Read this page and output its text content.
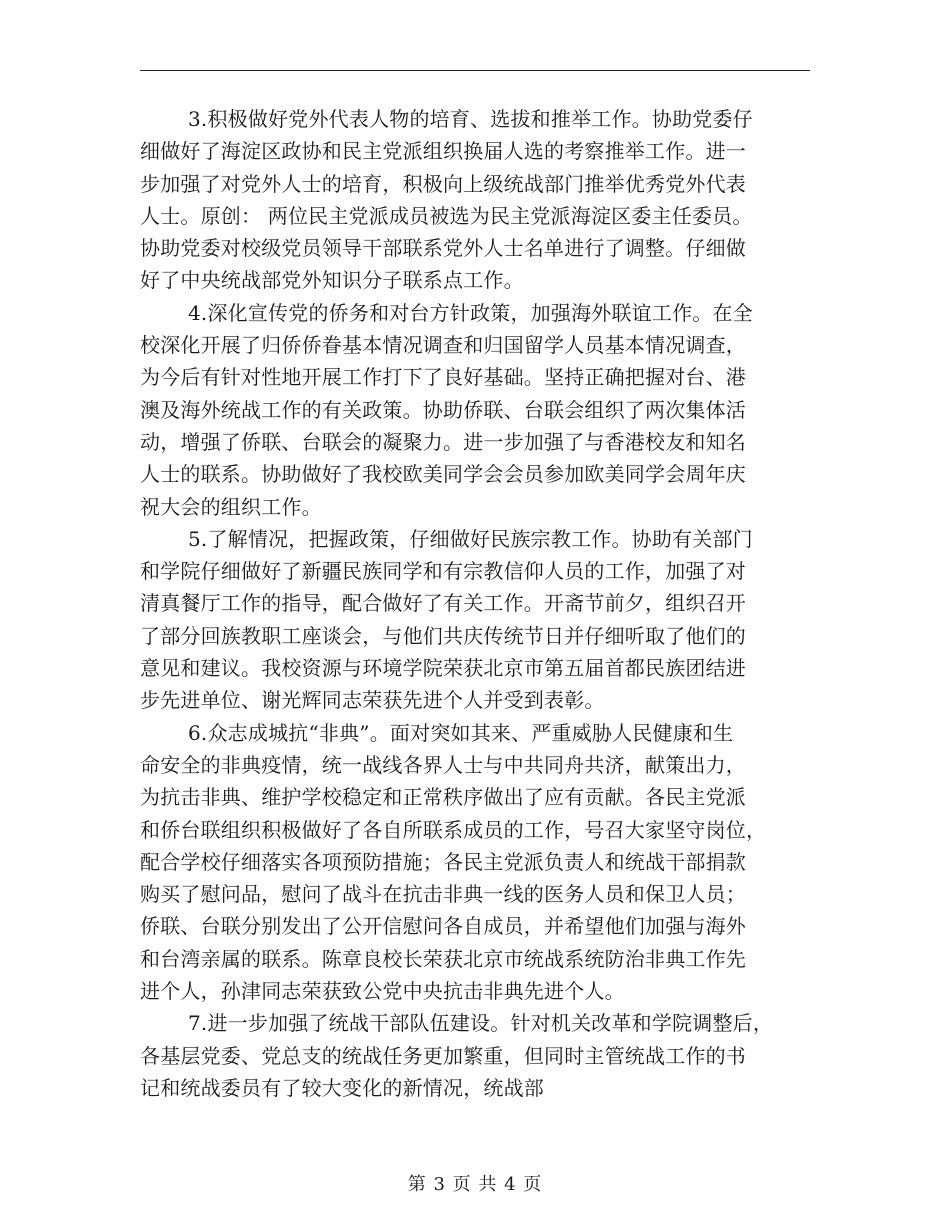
3.积极做好党外代表人物的培育、选拔和推举工作。协助党委仔
细做好了海淀区政协和民主党派组织换届人选的考察推举工作。进一
步加强了对党外人士的培育，积极向上级统战部门推举优秀党外代表
人士。原创： 两位民主党派成员被选为民主党派海淀区委主任委员。
协助党委对校级党员领导干部联系党外人士名单进行了调整。仔细做
好了中央统战部党外知识分子联系点工作。
4.深化宣传党的侨务和对台方针政策，加强海外联谊工作。在全
校深化开展了归侨侨眷基本情况调查和归国留学人员基本情况调查，
为今后有针对性地开展工作打下了良好基础。坚持正确把握对台、港
澳及海外统战工作的有关政策。协助侨联、台联会组织了两次集体活
动，增强了侨联、台联会的凝聚力。进一步加强了与香港校友和知名
人士的联系。协助做好了我校欧美同学会会员参加欧美同学会周年庆
祝大会的组织工作。
5.了解情况，把握政策，仔细做好民族宗教工作。协助有关部门
和学院仔细做好了新疆民族同学和有宗教信仰人员的工作，加强了对
清真餐厅工作的指导，配合做好了有关工作。开斋节前夕，组织召开
了部分回族教职工座谈会，与他们共庆传统节日并仔细听取了他们的
意见和建议。我校资源与环境学院荣获北京市第五届首都民族团结进
步先进单位、谢光辉同志荣获先进个人并受到表彰。
6.众志成城抗“非典”。面对突如其来、严重威胁人民健康和生
命安全的非典疫情，统一战线各界人士与中共同舟共济，献策出力，
为抗击非典、维护学校稳定和正常秩序做出了应有贡献。各民主党派
和侨台联组织积极做好了各自所联系成员的工作，号召大家坚守岗位，
配合学校仔细落实各项预防措施；各民主党派负责人和统战干部捐款
购买了慰问品，慰问了战斗在抗击非典一线的医务人员和保卫人员；
侨联、台联分别发出了公开信慰问各自成员，并希望他们加强与海外
和台湾亲属的联系。陈章良校长荣获北京市统战系统防治非典工作先
进个人，孙津同志荣获致公党中央抗击非典先进个人。
7.进一步加强了统战干部队伍建设。针对机关改革和学院调整后，
各基层党委、党总支的统战任务更加繁重，但同时主管统战工作的书
记和统战委员有了较大变化的新情况，统战部
第 3 页 共 4 页
